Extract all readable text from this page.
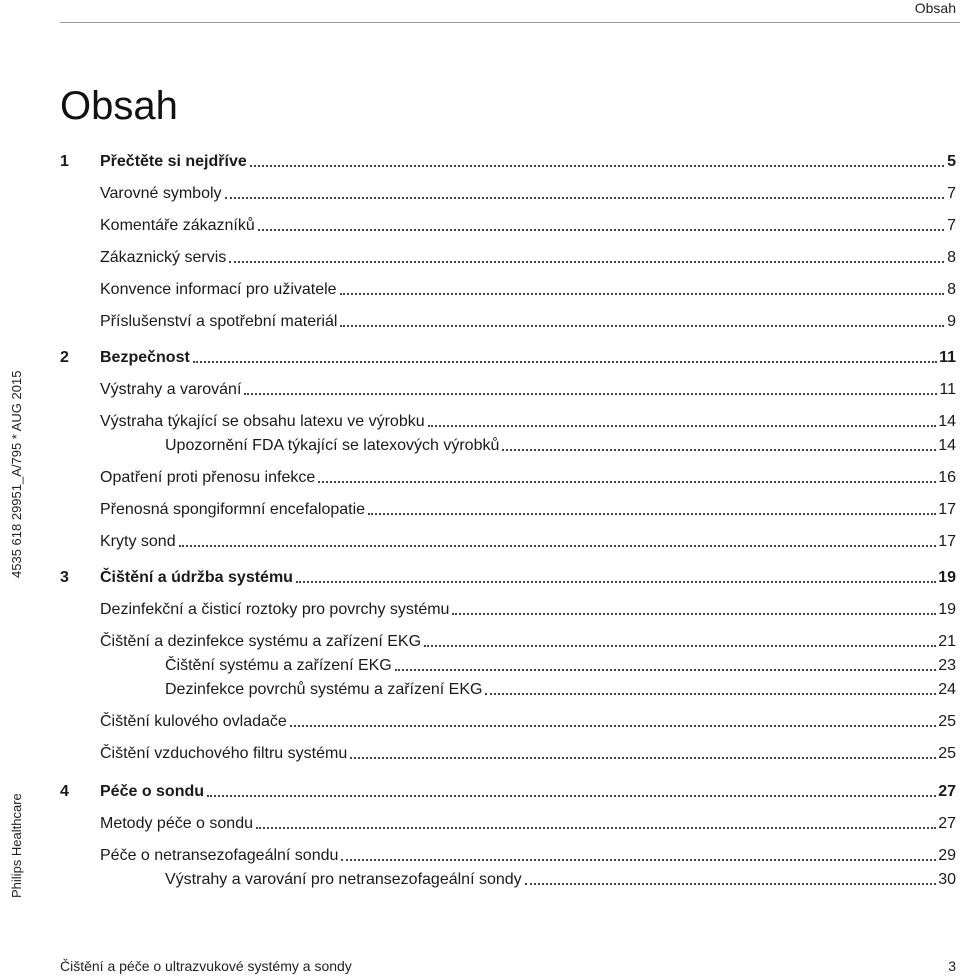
Obsah
Obsah
4535 618 29951_A/795 * AUG 2015
Philips Healthcare
1 Přečtěte si nejdříve	5
Varovné symboly	7
Komentáře zákazníků	7
Zákaznický servis	8
Konvence informací pro uživatele	8
Příslušenství a spotřební materiál	9
2 Bezpečnost	11
Výstrahy a varování	11
Výstraha týkající se obsahu latexu ve výrobku	14
Upozornění FDA týkající se latexových výrobků	14
Opatření proti přenosu infekce	16
Přenosná spongiformní encefalopatie	17
Kryty sond	17
3 Čištění a údržba systému	19
Dezinfekční a čisticí roztoky pro povrchy systému	19
Čištění a dezinfekce systému a zařízení EKG	21
Čištění systému a zařízení EKG	23
Dezinfekce povrchů systému a zařízení EKG	24
Čištění kulového ovladače	25
Čištění vzduchového filtru systému	25
4 Péče o sondu	27
Metody péče o sondu	27
Péče o netransezofageální sondu	29
Výstrahy a varování pro netransezofageální sondy	30
Čištění a péče o ultrazvukové systémy a sondy	3
